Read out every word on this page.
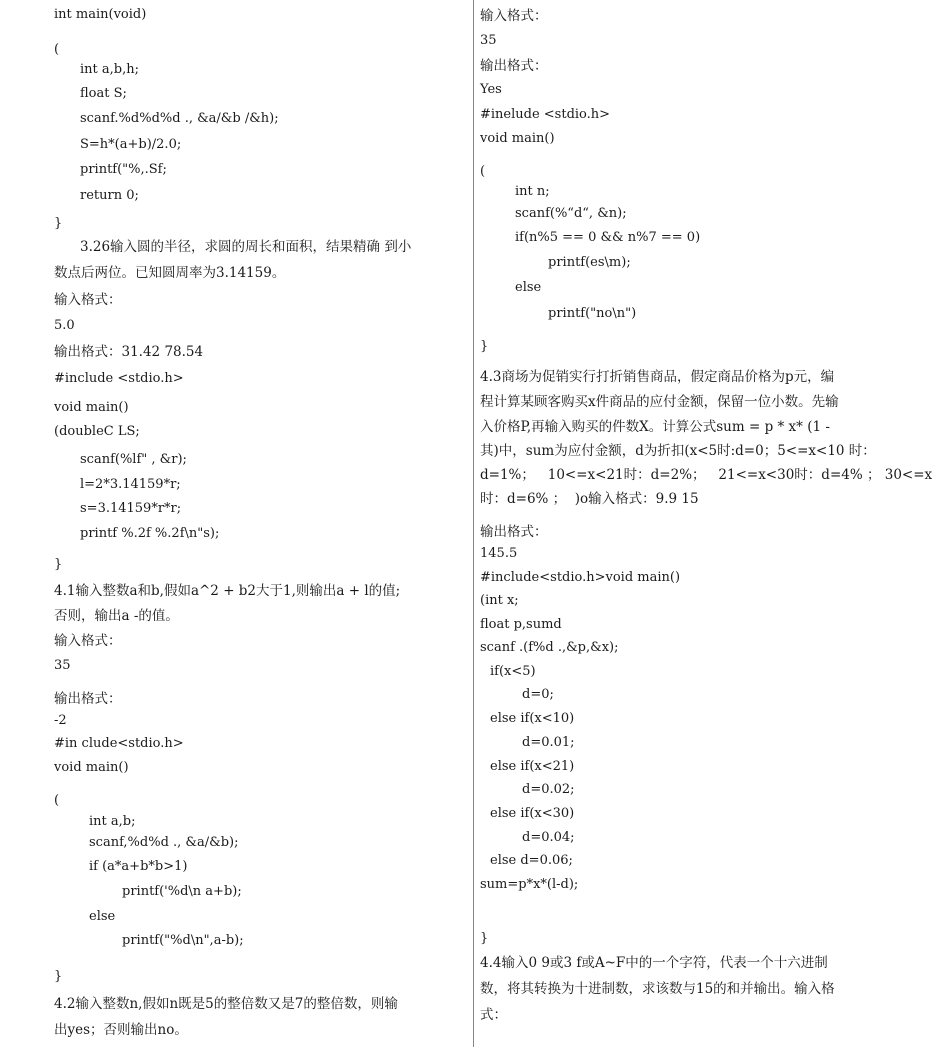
int main(void)
(
int a,b,h;
float S;
scanf.%d%d%d ., &a/&b /&h);
S=h*(a+b)/2.0;
printf("%,.Sf;
return 0;
}
3.26输入圆的半径，求圆的周长和面积，结果精确 到小
数点后两位。已知圆周率为3.14159。
输入格式：
5.0
输出格式：31.42 78.54
#include <stdio.h>
void main()
(doubleC LS;
scanf(%lf" , &r);
l=2*3.14159*r;
s=3.14159*r*r;
printf %.2f %.2f\n"s);
}
4.1输入整数a和b,假如a^2 + b2大于1,则输出a + l的值;
否则，输出a -的值。
输入格式：
35
输出格式：
-2
#in clude<stdio.h>
void main()
(
int a,b;
scanf,%d%d ., &a/&b);
if (a*a+b*b>1)
printf('%d\n a+b);
else
printf("%d\n",a-b);
}
4.2输入整数n,假如n既是5的整倍数又是7的整倍数，则输
出yes；否则输出no。
输入格式：
35
输出格式：
Yes
#inelude <stdio.h>
void main()
(
int n;
scanf(%“d“, &n);
if(n%5 == 0 && n%7 == 0)
printf(es\m);
else
printf("no\n")
}
4.3商场为促销实行打折销售商品，假定商品价格为p元，编
程计算某顾客购买x件商品的应付金额，保留一位小数。先输
入价格P,再输入购买的件数X。计算公式sum = p * x* (1 -
其)中，sum为应付金额，d为折扣(x<5时:d=0；5<=x<10 时：
d=1%；   10<=x<21时：d=2%；   21<=x<30时：d=4% ； 30<=x
时：d=6% ；  )o输入格式：9.9 15
输出格式：
145.5
#include<stdio.h>void main()
(int x;
float p,sumd
scanf .(f%d .,&p,&x);
if(x<5)
d=0;
else if(x<10)
d=0.01;
else if(x<21)
d=0.02;
else if(x<30)
d=0.04;
else d=0.06;
sum=p*x*(l-d);
}
4.4输入0 9或3 f或A~F中的一个字符，代表一个十六进制
数，将其转换为十进制数，求该数与15的和并输出。输入格
式：
